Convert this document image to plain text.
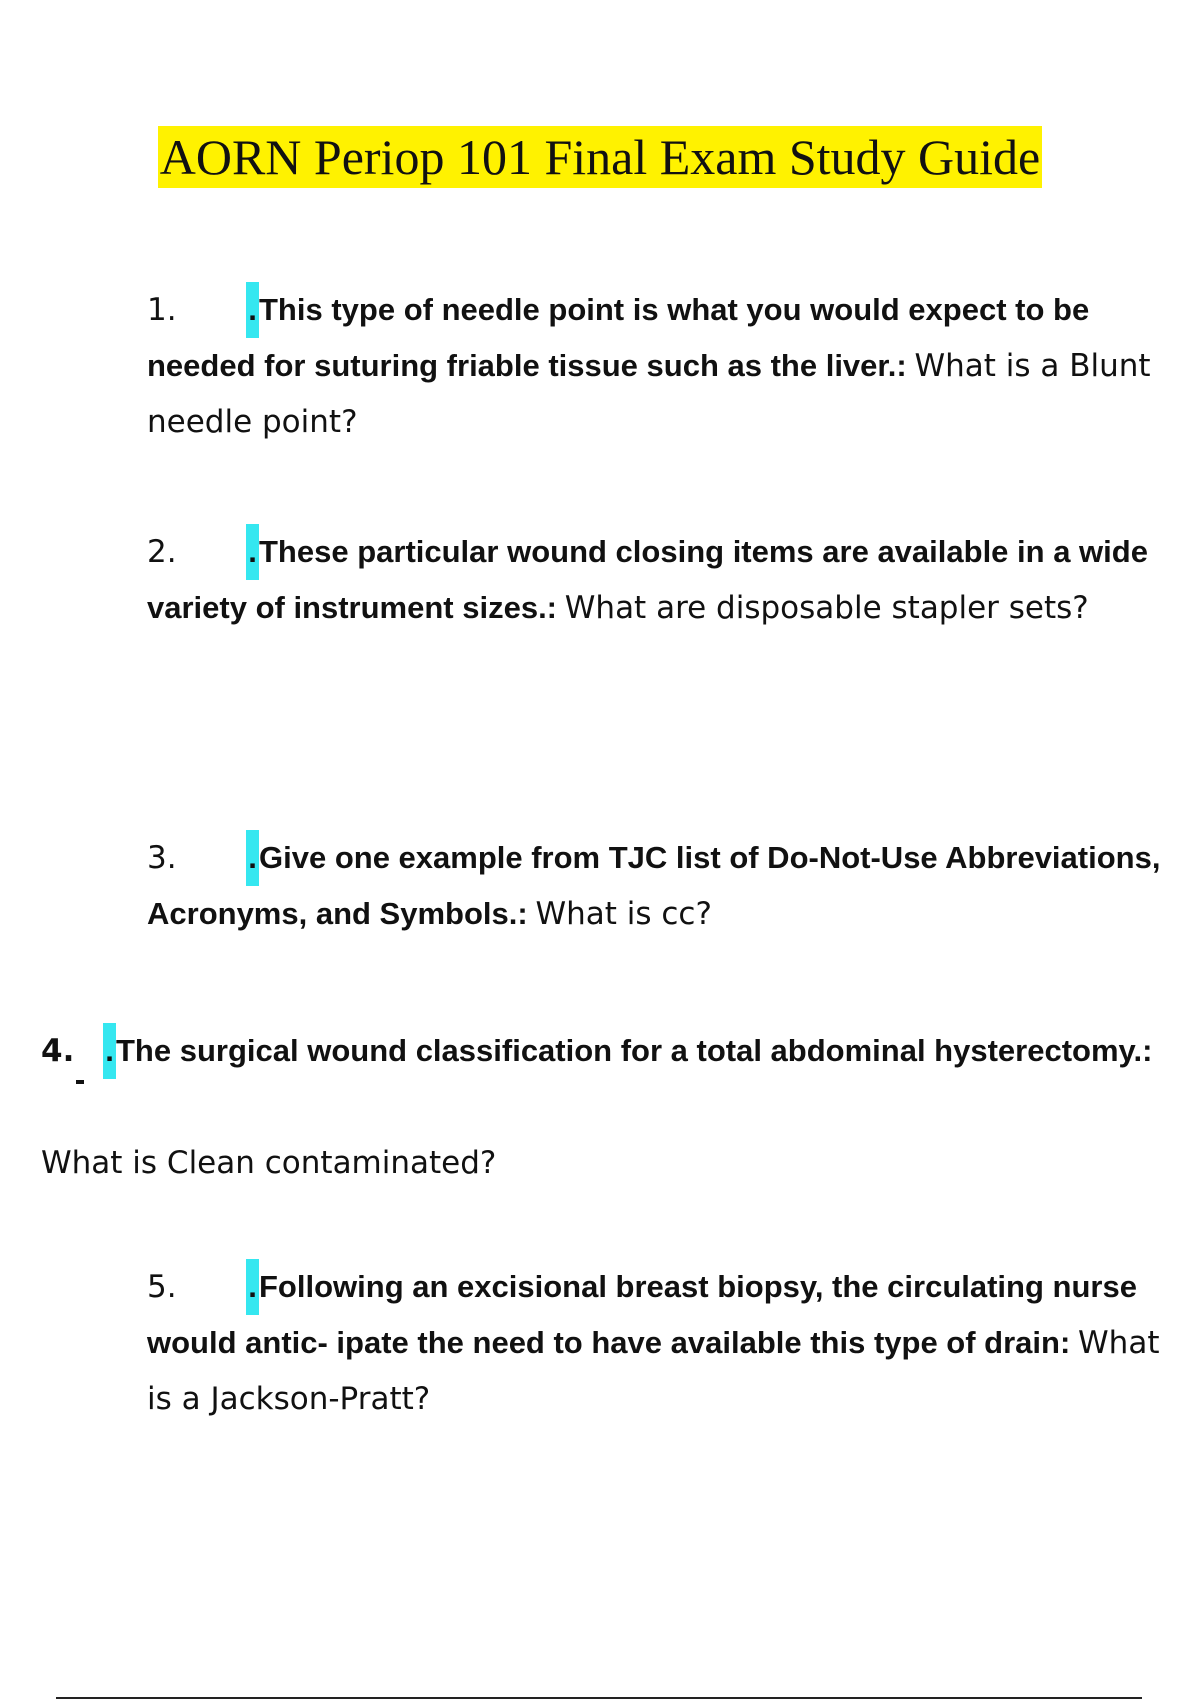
AORN Periop 101 Final Exam Study Guide
1. .This type of needle point is what you would expect to be needed for suturing friable tissue such as the liver.: What is a Blunt needle point?
2. .These particular wound closing items are available in a wide variety of instrument sizes.: What are disposable stapler sets?
3. .Give one example from TJC list of Do-Not-Use Abbreviations, Acronyms, and Symbols.: What is cc?
4. .The surgical wound classification for a total abdominal hysterectomy.:
What is Clean contaminated?
5. .Following an excisional breast biopsy, the circulating nurse would antic- ipate the need to have available this type of drain: What is a Jackson-Pratt?
